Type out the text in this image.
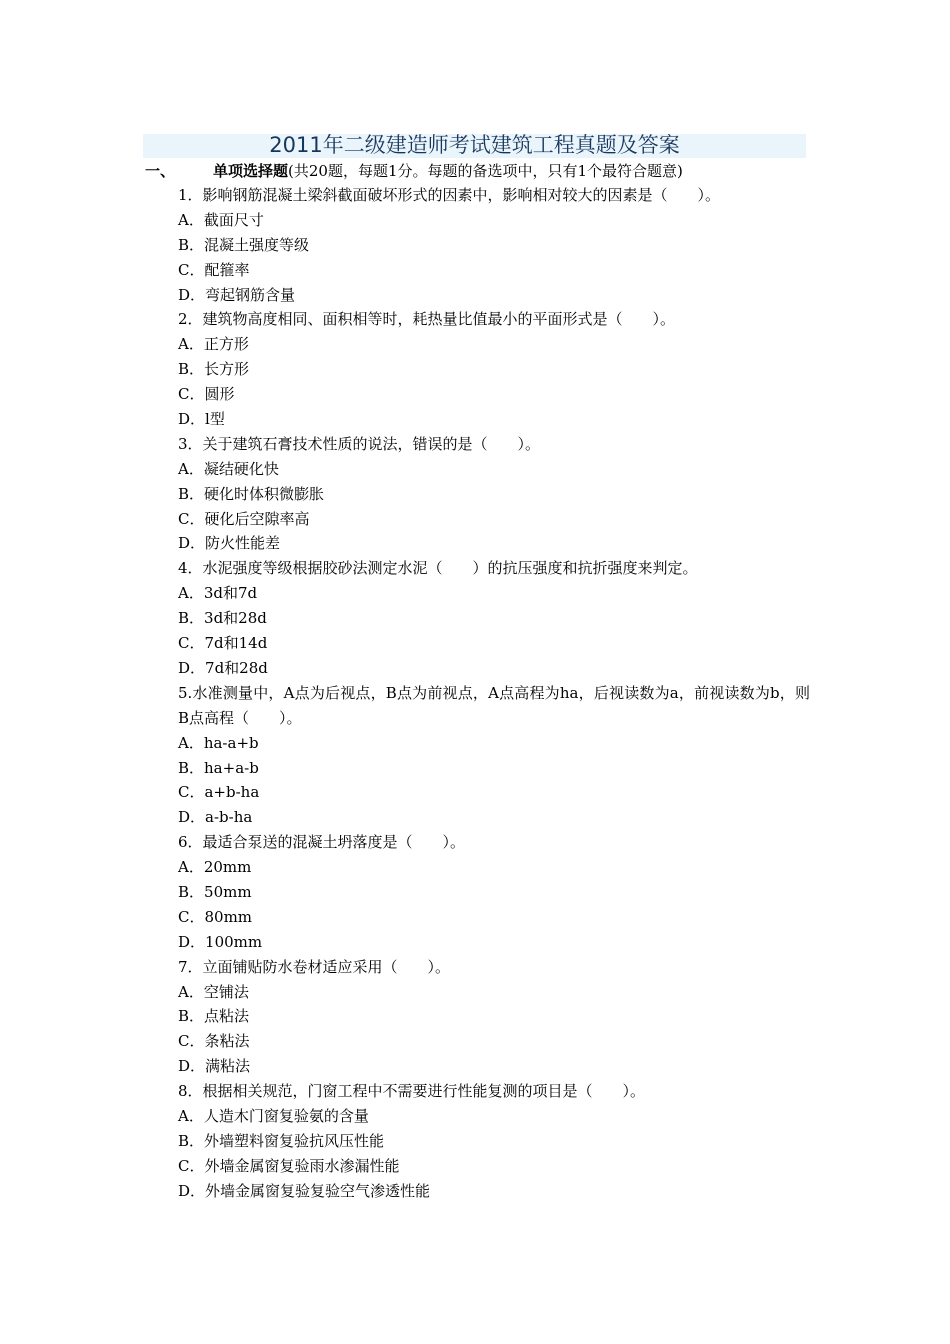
2011年二级建造师考试建筑工程真题及答案
一、	单项选择题(共20题，每题1分。每题的备选项中，只有1个最符合题意)
1．影响钢筋混凝土梁斜截面破坏形式的因素中，影响相对较大的因素是（　　）。
A．截面尺寸
B．混凝土强度等级
C．配箍率
D．弯起钢筋含量
2．建筑物高度相同、面积相等时，耗热量比值最小的平面形式是（　　）。
A．正方形
B．长方形
C．圆形
D．l型
3．关于建筑石膏技术性质的说法，错误的是（　　）。
A．凝结硬化快
B．硬化时体积微膨胀
C．硬化后空隙率高
D．防火性能差
4．水泥强度等级根据胶砂法测定水泥（　　）的抗压强度和抗折强度来判定。
A．3d和7d
B．3d和28d
C．7d和14d
D．7d和28d
5.水准测量中，A点为后视点，B点为前视点，A点高程为ha，后视读数为a，前视读数为b，则B点高程（　　）。
A．ha-a+b
B．ha+a-b
C．a+b-ha
D．a-b-ha
6．最适合泵送的混凝土坍落度是（　　）。
A．20mm
B．50mm
C．80mm
D．100mm
7．立面铺贴防水卷材适应采用（　　）。
A．空铺法
B．点粘法
C．条粘法
D．满粘法
8．根据相关规范，门窗工程中不需要进行性能复测的项目是（　　）。
A．人造木门窗复验氨的含量
B．外墙塑料窗复验抗风压性能
C．外墙金属窗复验雨水渗漏性能
D．外墙金属窗复验复验空气渗透性能
